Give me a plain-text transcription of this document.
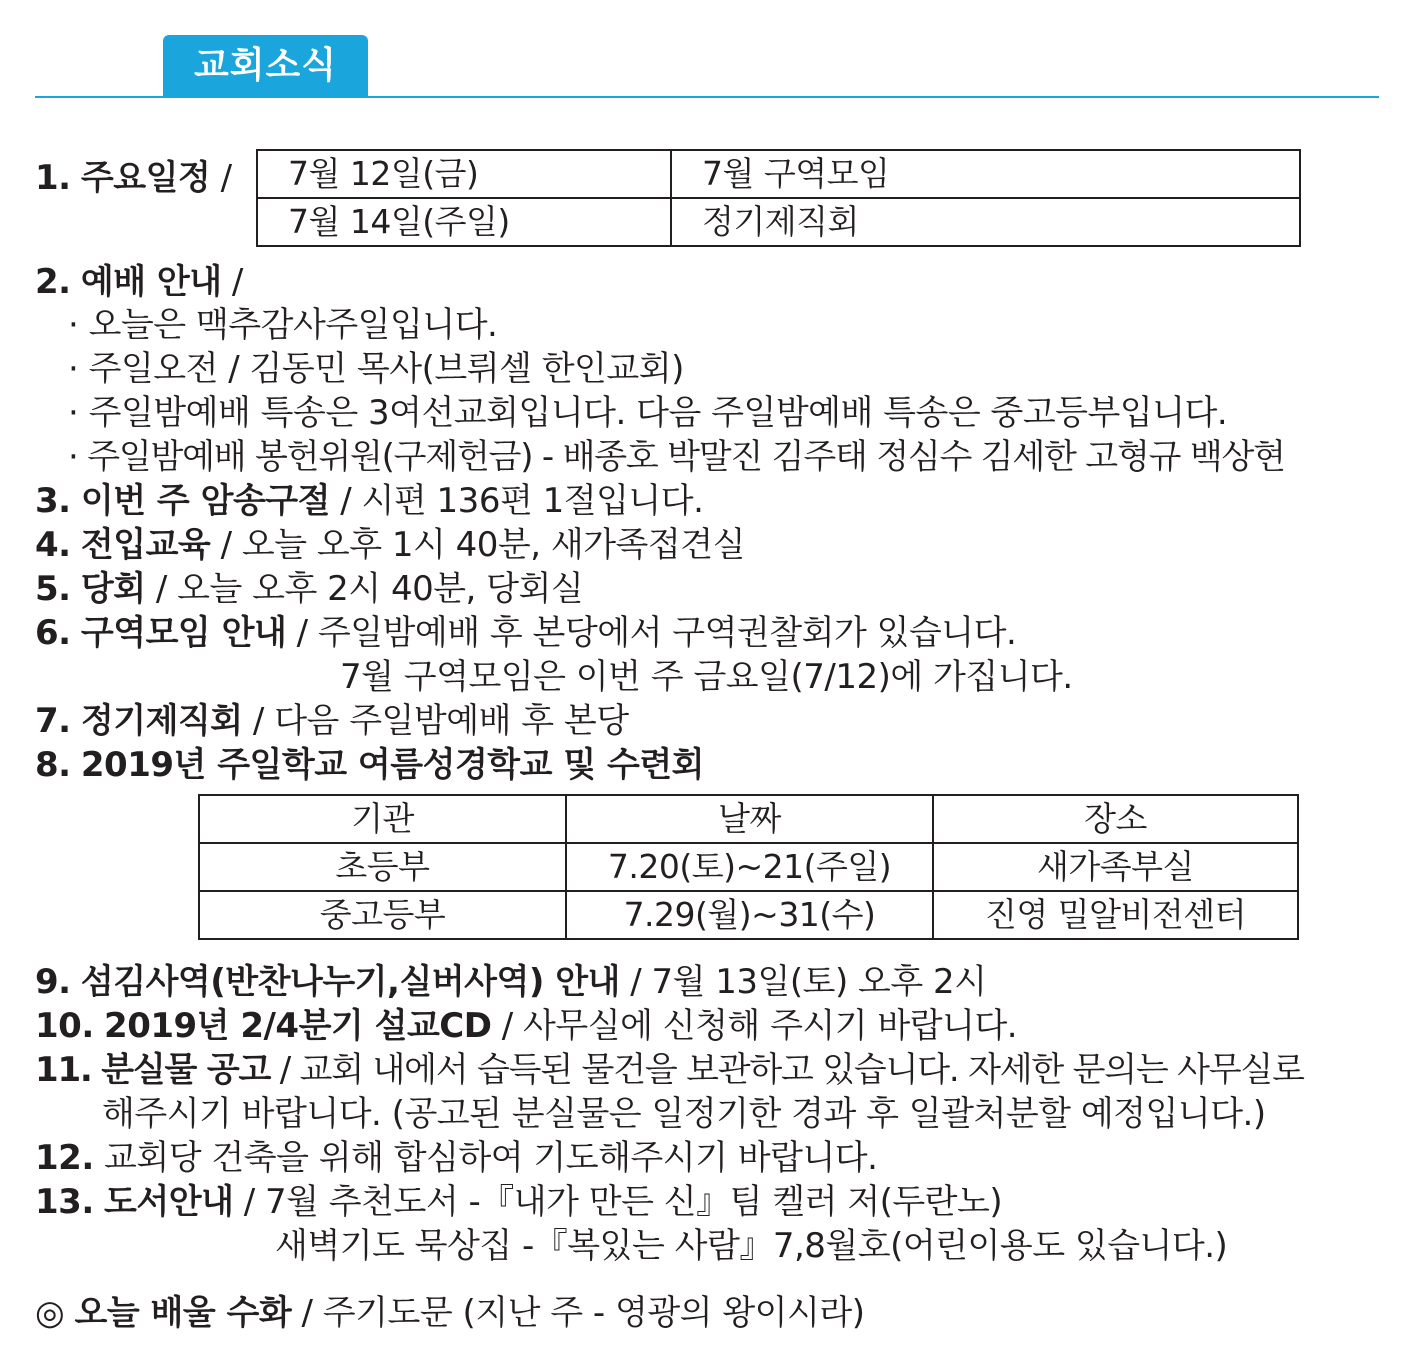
교회소식
1. 주요일정 / 7월 12일(금)	7월 구역모임
7월 14일(주일)	정기제직회
2. 예배 안내 /
· 오늘은 맥추감사주일입니다.
· 주일오전 / 김동민 목사(브뤼셀 한인교회)
· 주일밤예배 특송은 3여선교회입니다. 다음 주일밤예배 특송은 중고등부입니다.
· 주일밤예배 봉헌위원(구제헌금) - 배종호 박말진 김주태 정심수 김세한 고형규 백상현
3. 이번 주 암송구절 / 시편 136편 1절입니다.
4. 전입교육 / 오늘 오후 1시 40분, 새가족접견실
5. 당회 / 오늘 오후 2시 40분, 당회실
6. 구역모임 안내 / 주일밤예배 후 본당에서 구역권찰회가 있습니다.
7월 구역모임은 이번 주 금요일(7/12)에 가집니다.
7. 정기제직회 / 다음 주일밤예배 후 본당
8. 2019년 주일학교 여름성경학교 및 수련회
기관	날짜	장소
초등부	7.20(토)~21(주일)	새가족부실
중고등부	7.29(월)~31(수)	진영 밀알비전센터
9. 섬김사역(반찬나누기,실버사역) 안내 / 7월 13일(토) 오후 2시
10. 2019년 2/4분기 설교CD / 사무실에 신청해 주시기 바랍니다.
11. 분실물 공고 / 교회 내에서 습득된 물건을 보관하고 있습니다. 자세한 문의는 사무실로
해주시기 바랍니다. (공고된 분실물은 일정기한 경과 후 일괄처분할 예정입니다.)
12. 교회당 건축을 위해 합심하여 기도해주시기 바랍니다.
13. 도서안내 / 7월 추천도서 -『내가 만든 신』팀 켈러 저(두란노)
새벽기도 묵상집 -『복있는 사람』7,8월호(어린이용도 있습니다.)
◎ 오늘 배울 수화 / 주기도문 (지난 주 - 영광의 왕이시라)
